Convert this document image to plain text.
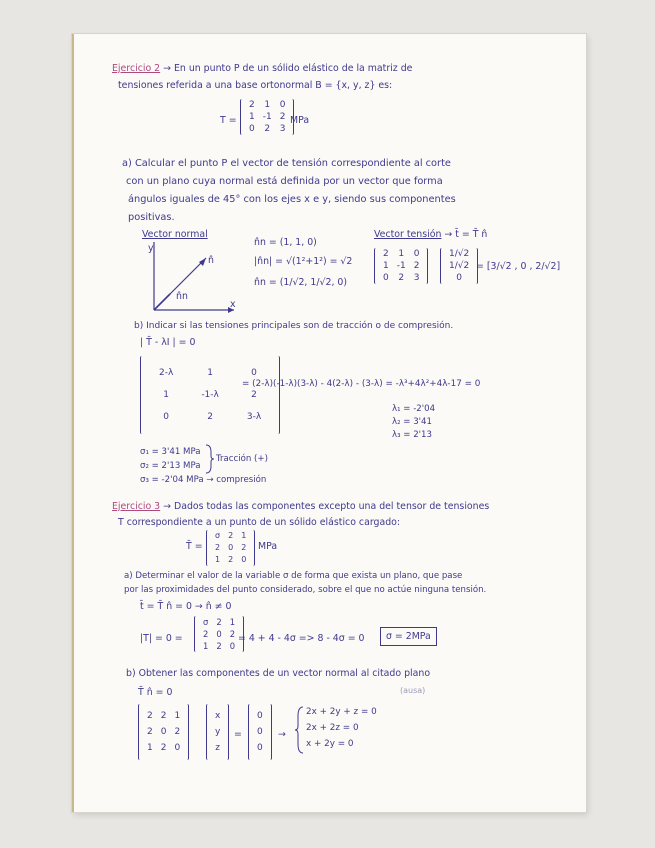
Ejercicio 2 → En un punto P de un sólido elástico de la matriz de
tensiones referida a una base ortonormal B = {x, y, z} es:
T =
2	1	0
1	-1	2
0	2	3
MPa
a) Calcular el punto P el vector de tensión correspondiente al corte
con un plano cuya normal está definida por un vector que forma
ángulos iguales de 45° con los ejes x e y, siendo sus componentes
positivas.
Vector normal
y
x
n̂
n̂n
n̂n = (1, 1, 0)
|n̂n| = √(1²+1²) = √2
n̂n = (1/√2, 1/√2, 0)
Vector tensión → t̄ = T̄ n̂
2	1	0
1	-1	2
0	2	3
1/√2
1/√2
0
= [3/√2 , 0 , 2/√2]
b) Indicar si las tensiones principales son de tracción o de compresión.
| T̄ - λI | = 0
2-λ	1	0
1	-1-λ	2
0	2	3-λ
= (2-λ)(-1-λ)(3-λ) - 4(2-λ) - (3-λ) = -λ³+4λ²+4λ-17 = 0
λ₁ = -2'04
λ₂ = 3'41
λ₃ = 2'13
σ₁ = 3'41 MPa
σ₂ = 2'13 MPa
σ₃ = -2'04 MPa → compresión
Tracción (+)
Ejercicio 3 → Dados todas las componentes excepto una del tensor de tensiones
T correspondiente a un punto de un sólido elástico cargado:
T̄ =
σ	2	1
2	0	2
1	2	0
MPa
a) Determinar el valor de la variable σ de forma que exista un plano, que pase
por las proximidades del punto considerado, sobre el que no actúe ninguna tensión.
t̄ = T̄ n̂ = 0 → n̂ ≠ 0
|T| = 0 =
σ	2	1
2	0	2
1	2	0
= 4 + 4 - 4σ => 8 - 4σ = 0	σ = 2MPa
b) Obtener las componentes de un vector normal al citado plano
(ausa)
T̄ n̂ = 0
2	2	1
2	0	2
1	2	0
x
y
z
=
0
0
0
→
2x + 2y + z = 0
2x + 2z = 0
x + 2y = 0
